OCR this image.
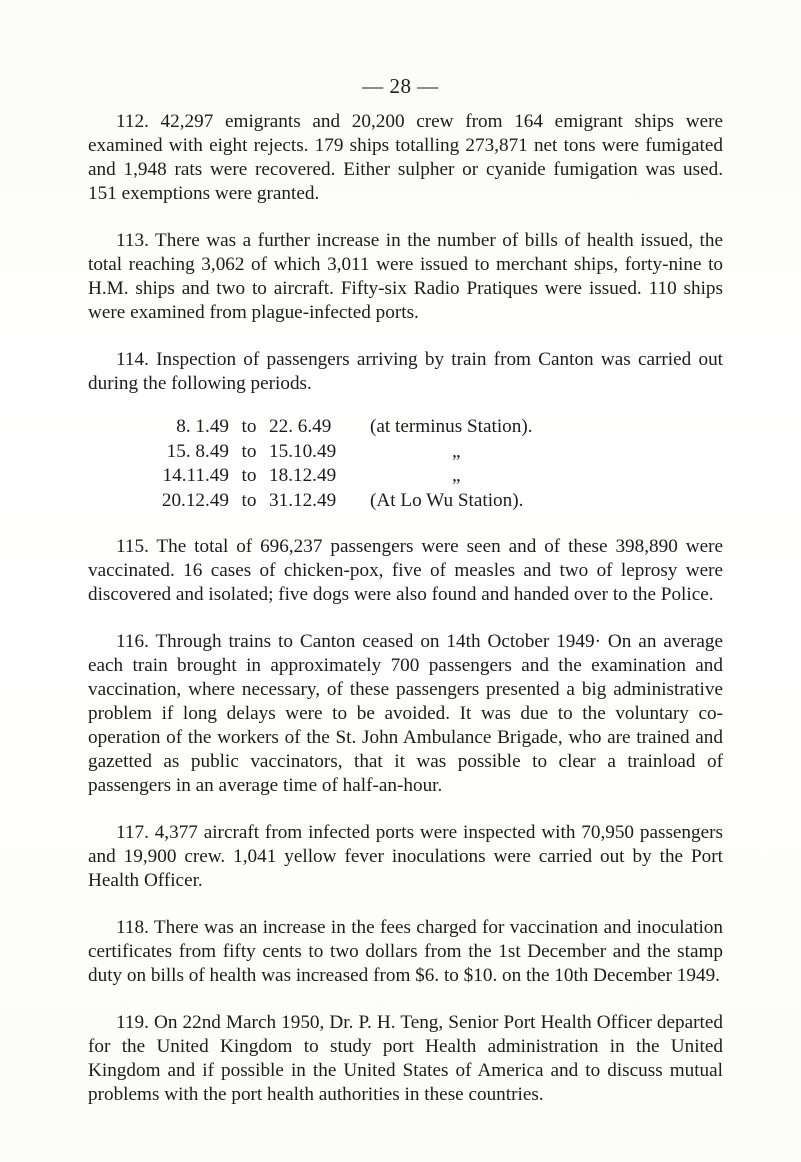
— 28 —

112. 42,297 emigrants and 20,200 crew from 164 emigrant ships were examined with eight rejects. 179 ships totalling 273,871 net tons were fumigated and 1,948 rats were recovered. Either sulpher or cyanide fumigation was used. 151 exemptions were granted.

113. There was a further increase in the number of bills of health issued, the total reaching 3,062 of which 3,011 were issued to merchant ships, forty-nine to H.M. ships and two to aircraft. Fifty-six Radio Pratiques were issued. 110 ships were examined from plague-infected ports.

114. Inspection of passengers arriving by train from Canton was carried out during the following periods.

8. 1.49 to 22. 6.49	(at terminus Station).
15. 8.49 to 15.10.49	„
14.11.49 to 18.12.49	„
20.12.49 to 31.12.49	(At Lo Wu Station).

115. The total of 696,237 passengers were seen and of these 398,890 were vaccinated. 16 cases of chicken-pox, five of measles and two of leprosy were discovered and isolated; five dogs were also found and handed over to the Police.

116. Through trains to Canton ceased on 14th October 1949· On an average each train brought in approximately 700 passengers and the examination and vaccination, where necessary, of these passengers presented a big administrative problem if long delays were to be avoided. It was due to the voluntary co-operation of the workers of the St. John Ambulance Brigade, who are trained and gazetted as public vaccinators, that it was possible to clear a trainload of passengers in an average time of half-an-hour.

117. 4,377 aircraft from infected ports were inspected with 70,950 passengers and 19,900 crew. 1,041 yellow fever inoculations were carried out by the Port Health Officer.

118. There was an increase in the fees charged for vaccination and inoculation certificates from fifty cents to two dollars from the 1st December and the stamp duty on bills of health was increased from $6. to $10. on the 10th December 1949.

119. On 22nd March 1950, Dr. P. H. Teng, Senior Port Health Officer departed for the United Kingdom to study port Health administration in the United Kingdom and if possible in the United States of America and to discuss mutual problems with the port health authorities in these countries.
